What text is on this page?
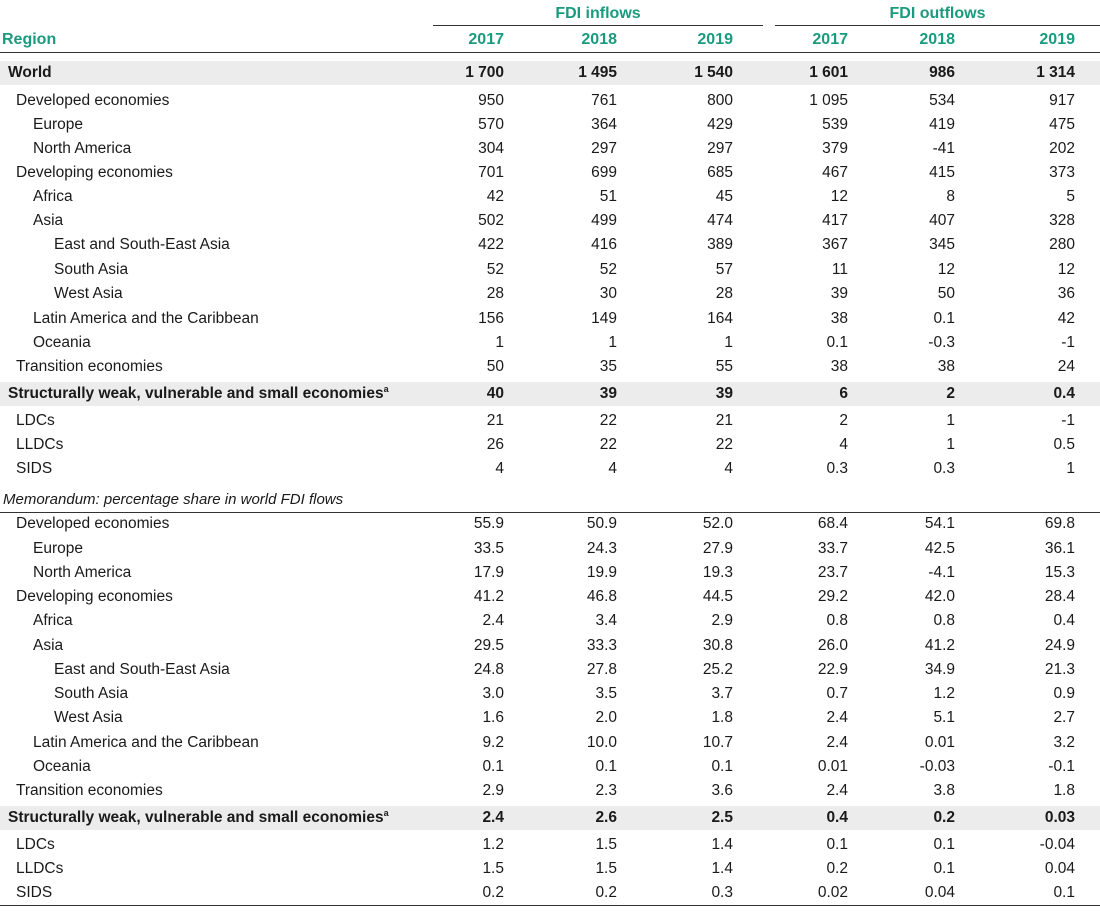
FDI inflows	FDI outflows
Region	2017	2018	2019	2017	2018	2019
World	1 700	1 495	1 540	1 601	986	1 314
Developed economies	950	761	800	1 095	534	917
Europe	570	364	429	539	419	475
North America	304	297	297	379	-41	202
Developing economies	701	699	685	467	415	373
Africa	42	51	45	12	8	5
Asia	502	499	474	417	407	328
East and South-East Asia	422	416	389	367	345	280
South Asia	52	52	57	11	12	12
West Asia	28	30	28	39	50	36
Latin America and the Caribbean	156	149	164	38	0.1	42
Oceania	1	1	1	0.1	-0.3	-1
Transition economies	50	35	55	38	38	24
Structurally weak, vulnerable and small economies$^a$	40	39	39	6	2	0.4
LDCs	21	22	21	2	1	-1
LLDCs	26	22	22	4	1	0.5
SIDS	4	4	4	0.3	0.3	1
Memorandum: percentage share in world FDI flows
Developed economies	55.9	50.9	52.0	68.4	54.1	69.8
Europe	33.5	24.3	27.9	33.7	42.5	36.1
North America	17.9	19.9	19.3	23.7	-4.1	15.3
Developing economies	41.2	46.8	44.5	29.2	42.0	28.4
Africa	2.4	3.4	2.9	0.8	0.8	0.4
Asia	29.5	33.3	30.8	26.0	41.2	24.9
East and South-East Asia	24.8	27.8	25.2	22.9	34.9	21.3
South Asia	3.0	3.5	3.7	0.7	1.2	0.9
West Asia	1.6	2.0	1.8	2.4	5.1	2.7
Latin America and the Caribbean	9.2	10.0	10.7	2.4	0.01	3.2
Oceania	0.1	0.1	0.1	0.01	-0.03	-0.1
Transition economies	2.9	2.3	3.6	2.4	3.8	1.8
Structurally weak, vulnerable and small economies$^a$	2.4	2.6	2.5	0.4	0.2	0.03
LDCs	1.2	1.5	1.4	0.1	0.1	-0.04
LLDCs	1.5	1.5	1.4	0.2	0.1	0.04
SIDS	0.2	0.2	0.3	0.02	0.04	0.1
